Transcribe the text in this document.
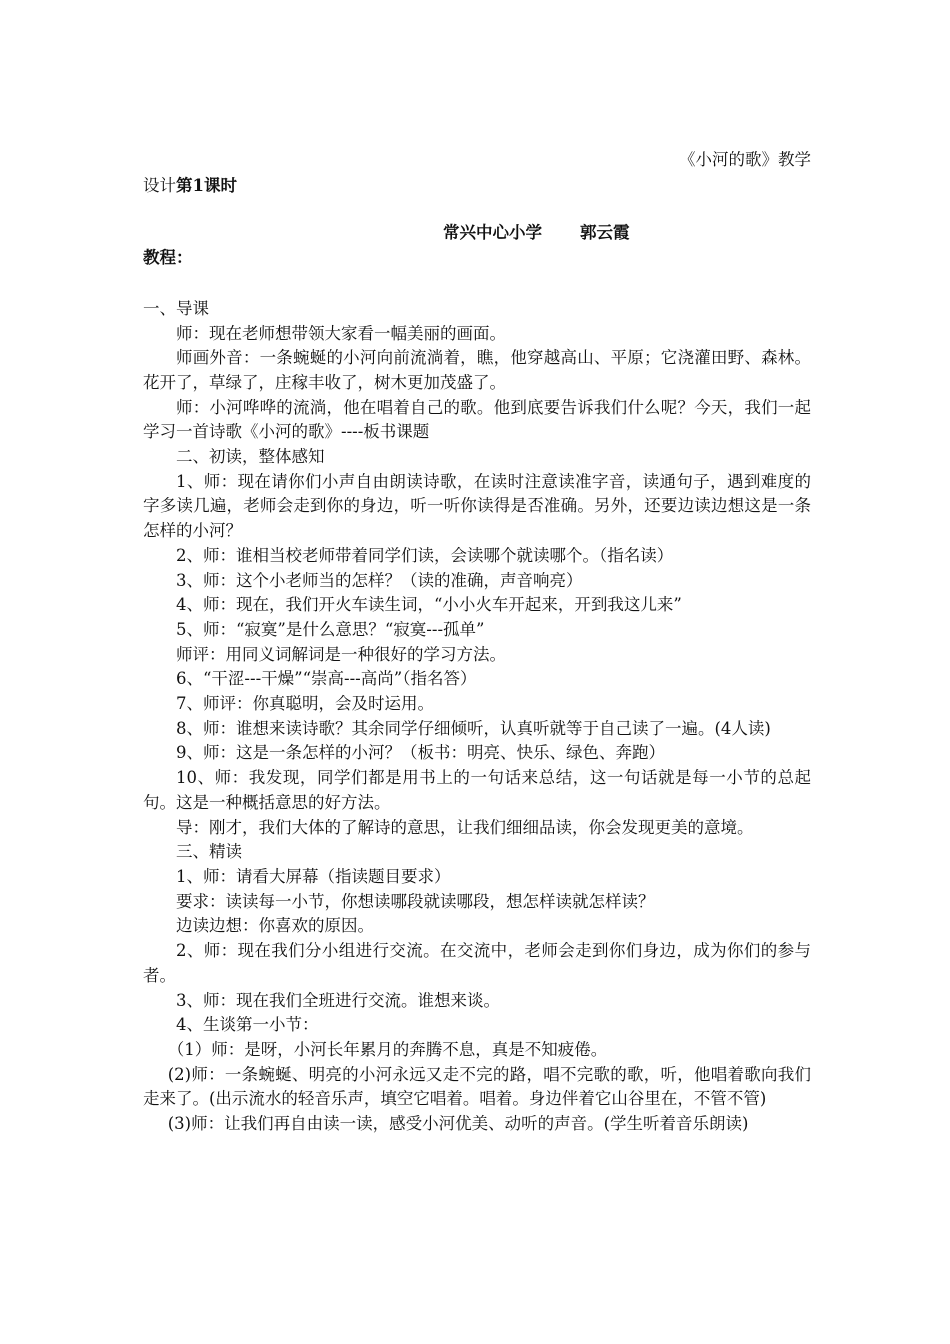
《小河的歌》教学
设计第1课时
常兴中心小学 郭云霞
教程：
一、导课
师：现在老师想带领大家看一幅美丽的画面。
师画外音：一条蜿蜒的小河向前流淌着，瞧，他穿越高山、平原；它浇灌田野、森林。花开了，草绿了，庄稼丰收了，树木更加茂盛了。
师：小河哗哗的流淌，他在唱着自己的歌。他到底要告诉我们什么呢？今天，我们一起学习一首诗歌《小河的歌》----板书课题
二、初读，整体感知
1、师：现在请你们小声自由朗读诗歌，在读时注意读准字音，读通句子，遇到难度的字多读几遍，老师会走到你的身边，听一听你读得是否准确。另外，还要边读边想这是一条怎样的小河？
2、师：谁相当校老师带着同学们读，会读哪个就读哪个。（指名读）
3、师：这个小老师当的怎样？（读的准确，声音响亮）
4、师：现在，我们开火车读生词，“小小火车开起来，开到我这儿来”
5、师：“寂寞”是什么意思？“寂寞---孤单”
师评：用同义词解词是一种很好的学习方法。
6、“干涩---干燥”“崇高---高尚”（指名答）
7、师评：你真聪明，会及时运用。
8、师：谁想来读诗歌？其余同学仔细倾听，认真听就等于自己读了一遍。(4人读)
9、师：这是一条怎样的小河？（板书：明亮、快乐、绿色、奔跑）
10、师：我发现，同学们都是用书上的一句话来总结，这一句话就是每一小节的总起句。这是一种概括意思的好方法。
导：刚才，我们大体的了解诗的意思，让我们细细品读，你会发现更美的意境。
三、精读
1、师：请看大屏幕（指读题目要求）
要求：读读每一小节，你想读哪段就读哪段，想怎样读就怎样读？
边读边想：你喜欢的原因。
2、师：现在我们分小组进行交流。在交流中，老师会走到你们身边，成为你们的参与者。
3、师：现在我们全班进行交流。谁想来谈。
4、生谈第一小节：
（1）师：是呀，小河长年累月的奔腾不息，真是不知疲倦。
(2)师：一条蜿蜒、明亮的小河永远又走不完的路，唱不完歌的歌，听，他唱着歌向我们走来了。(出示流水的轻音乐声，填空它唱着。唱着。身边伴着它山谷里在，不管不管)
(3)师：让我们再自由读一读，感受小河优美、动听的声音。(学生听着音乐朗读)
